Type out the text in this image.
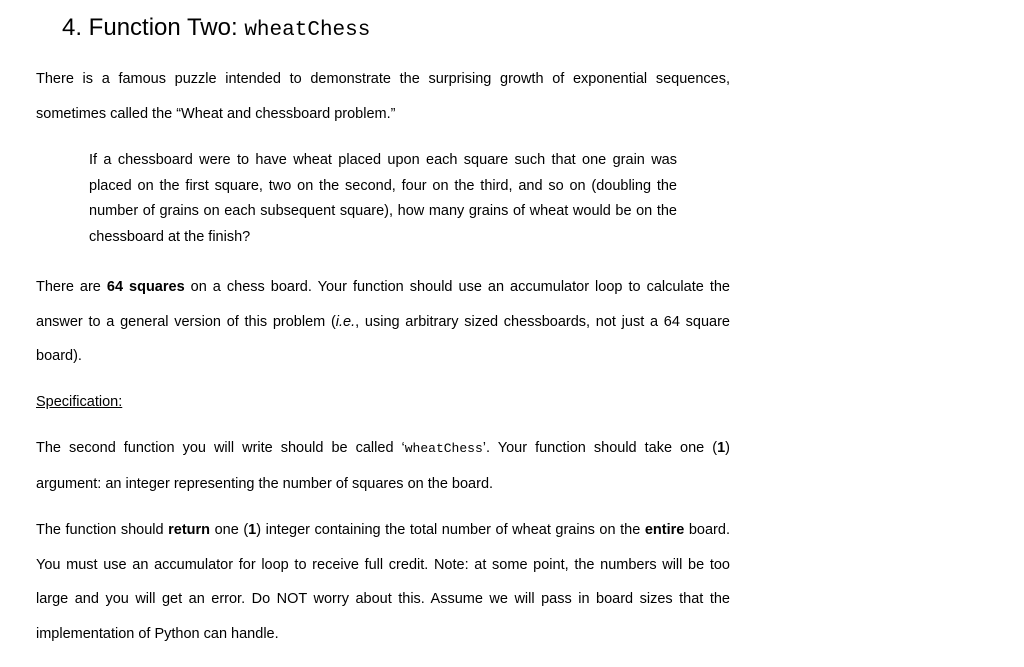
4. Function Two: wheatChess

There is a famous puzzle intended to demonstrate the surprising growth of exponential sequences, sometimes called the “Wheat and chessboard problem.”

If a chessboard were to have wheat placed upon each square such that one grain was placed on the first square, two on the second, four on the third, and so on (doubling the number of grains on each subsequent square), how many grains of wheat would be on the chessboard at the finish?

There are 64 squares on a chess board. Your function should use an accumulator loop to calculate the answer to a general version of this problem (i.e., using arbitrary sized chessboards, not just a 64 square board).

Specification:

The second function you will write should be called ‘wheatChess’. Your function should take one (1) argument: an integer representing the number of squares on the board.

The function should return one (1) integer containing the total number of wheat grains on the entire board. You must use an accumulator for loop to receive full credit. Note: at some point, the numbers will be too large and you will get an error. Do NOT worry about this. Assume we will pass in board sizes that the implementation of Python can handle.
